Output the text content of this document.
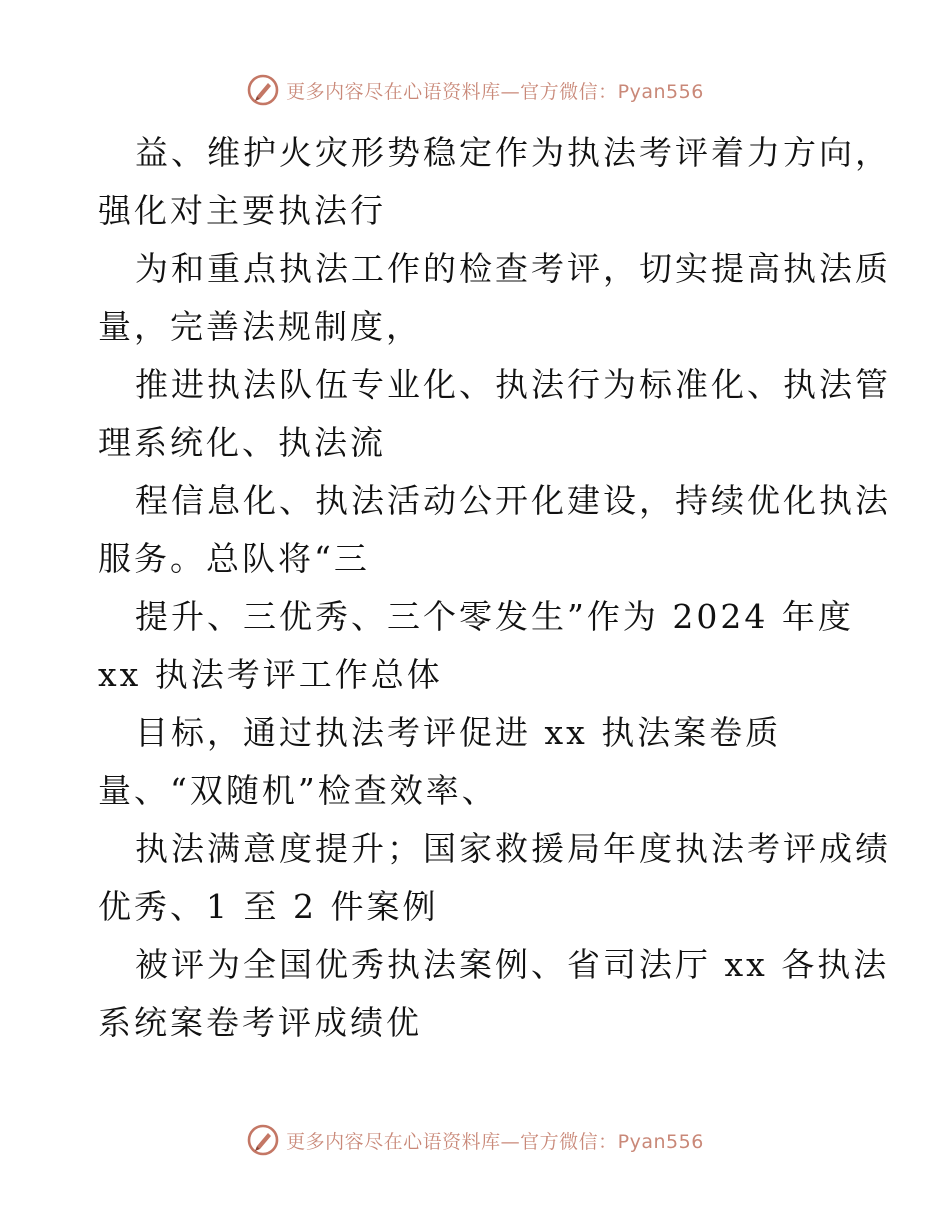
更多内容尽在心语资料库—官方微信：Pyan556
益、维护火灾形势稳定作为执法考评着力方向，
强化对主要执法行
为和重点执法工作的检查考评，切实提高执法质
量，完善法规制度，
推进执法队伍专业化、执法行为标准化、执法管
理系统化、执法流
程信息化、执法活动公开化建设，持续优化执法
服务。总队将“三
提升、三优秀、三个零发生”作为 2024 年度
xx 执法考评工作总体
目标，通过执法考评促进 xx 执法案卷质
量、“双随机”检查效率、
执法满意度提升；国家救援局年度执法考评成绩
优秀、1 至 2 件案例
被评为全国优秀执法案例、省司法厅 xx 各执法
系统案卷考评成绩优
更多内容尽在心语资料库—官方微信：Pyan556
